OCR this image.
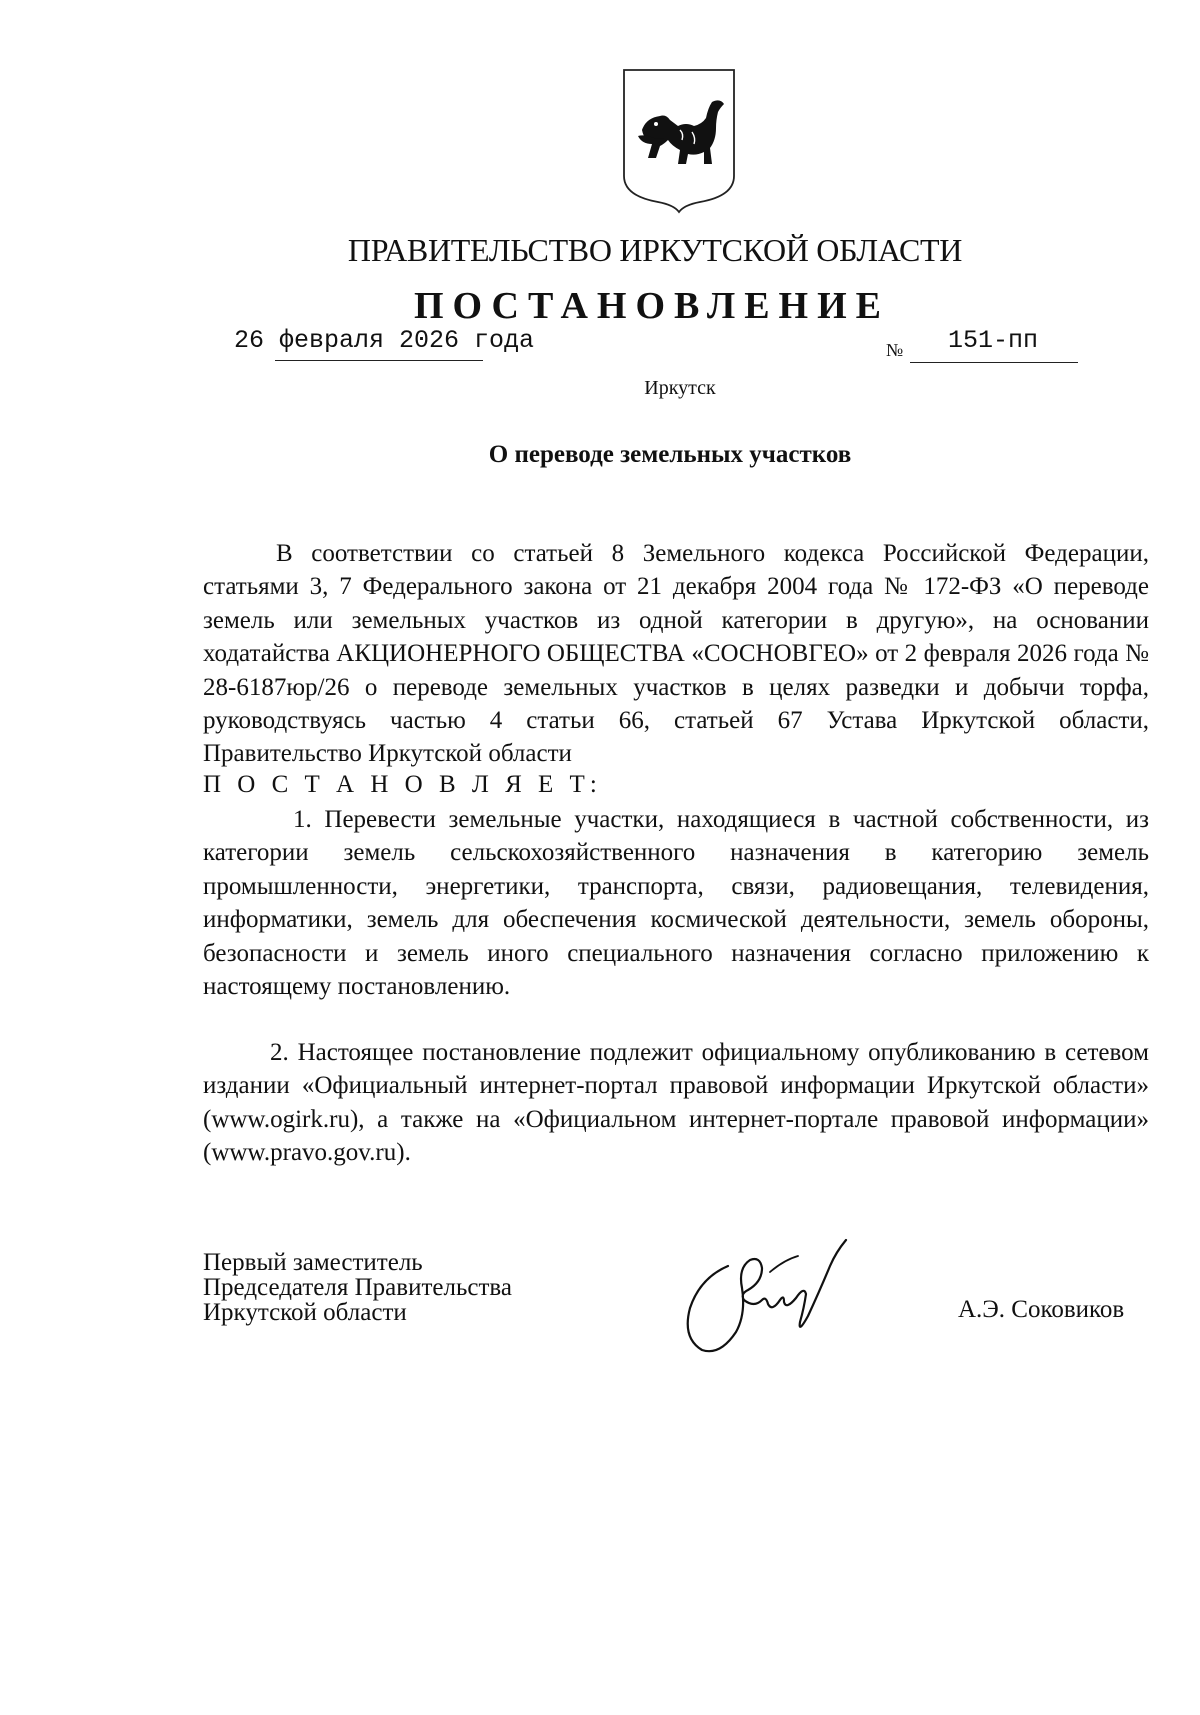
ПРАВИТЕЛЬСТВО ИРКУТСКОЙ ОБЛАСТИ
ПОСТАНОВЛЕНИЕ
26 февраля 2026 года	№ 151-пп
Иркутск
О переводе земельных участков
В соответствии со статьей 8 Земельного кодекса Российской Федерации, статьями 3, 7 Федерального закона от 21 декабря 2004 года № 172-ФЗ «О переводе земель или земельных участков из одной категории в другую», на основании ходатайства АКЦИОНЕРНОГО ОБЩЕСТВА «СОСНОВГЕО» от 2 февраля 2026 года № 28-6187юр/26 о переводе земельных участков в целях разведки и добычи торфа, руководствуясь частью 4 статьи 66, статьей 67 Устава Иркутской области, Правительство Иркутской области
П О С Т А Н О В Л Я Е Т:
1. Перевести земельные участки, находящиеся в частной собственности, из категории земель сельскохозяйственного назначения в категорию земель промышленности, энергетики, транспорта, связи, радиовещания, телевидения, информатики, земель для обеспечения космической деятельности, земель обороны, безопасности и земель иного специального назначения согласно приложению к настоящему постановлению.
2. Настоящее постановление подлежит официальному опубликованию в сетевом издании «Официальный интернет-портал правовой информации Иркутской области» (www.ogirk.ru), а также на «Официальном интернет-портале правовой информации» (www.pravo.gov.ru).
Первый заместитель
Председателя Правительства
Иркутской области	А.Э. Соковиков
